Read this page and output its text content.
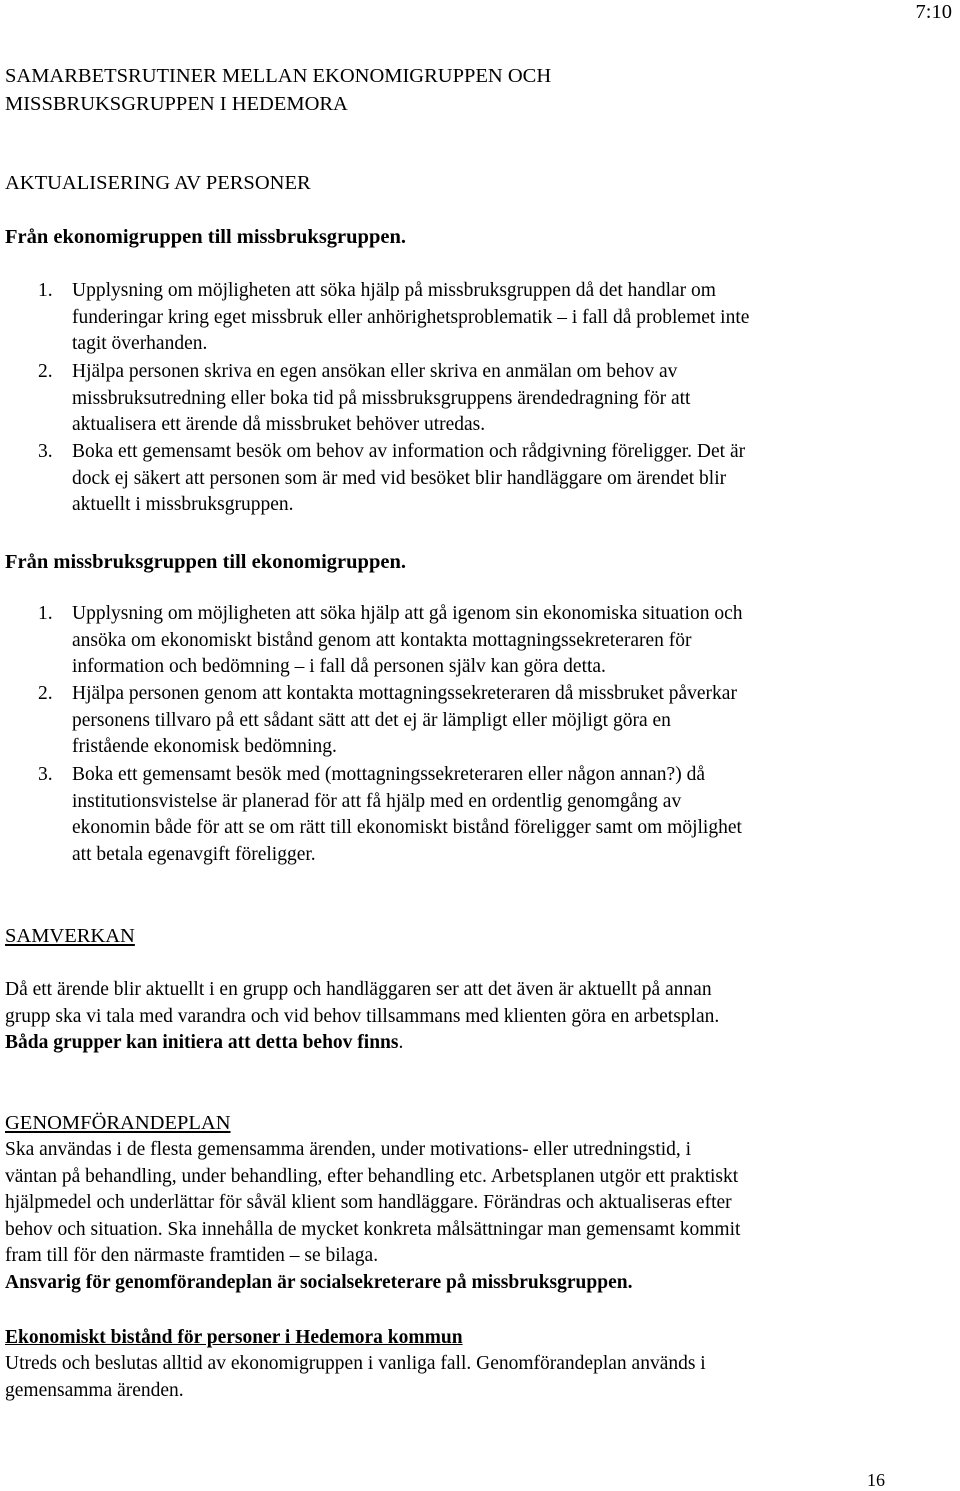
7:10
SAMARBETSRUTINER MELLAN EKONOMIGRUPPEN OCH
MISSBRUKSGRUPPEN I HEDEMORA
AKTUALISERING AV PERSONER
Från ekonomigruppen till missbruksgruppen.
1. Upplysning om möjligheten att söka hjälp på missbruksgruppen då det handlar om
funderingar kring eget missbruk eller anhörighetsproblematik – i fall då problemet inte
tagit överhanden.
2. Hjälpa personen skriva en egen ansökan eller skriva en anmälan om behov av
missbruksutredning eller boka tid på missbruksgruppens ärendedragning för att
aktualisera ett ärende då missbruket behöver utredas.
3. Boka ett gemensamt besök om behov av information och rådgivning föreligger. Det är
dock ej säkert att personen som är med vid besöket blir handläggare om ärendet blir
aktuellt i missbruksgruppen.
Från missbruksgruppen till ekonomigruppen.
1. Upplysning om möjligheten att söka hjälp att gå igenom sin ekonomiska situation och
ansöka om ekonomiskt bistånd genom att kontakta mottagningssekreteraren för
information och bedömning – i fall då personen själv kan göra detta.
2. Hjälpa personen genom att kontakta mottagningssekreteraren då missbruket påverkar
personens tillvaro på ett sådant sätt att det ej är lämpligt eller möjligt göra en
fristående ekonomisk bedömning.
3. Boka ett gemensamt besök med (mottagningssekreteraren eller någon annan?) då
institutionsvistelse är planerad för att få hjälp med en ordentlig genomgång av
ekonomin både för att se om rätt till ekonomiskt bistånd föreligger samt om möjlighet
att betala egenavgift föreligger.
SAMVERKAN
Då ett ärende blir aktuellt i en grupp och handläggaren ser att det även är aktuellt på annan
grupp ska vi tala med varandra och vid behov tillsammans med klienten göra en arbetsplan.
Båda grupper kan initiera att detta behov finns.
GENOMFÖRANDEPLAN
Ska användas i de flesta gemensamma ärenden, under motivations- eller utredningstid, i
väntan på behandling, under behandling, efter behandling etc. Arbetsplanen utgör ett praktiskt
hjälpmedel och underlättar för såväl klient som handläggare. Förändras och aktualiseras efter
behov och situation. Ska innehålla de mycket konkreta målsättningar man gemensamt kommit
fram till för den närmaste framtiden – se bilaga.
Ansvarig för genomförandeplan är socialsekreterare på missbruksgruppen.
Ekonomiskt bistånd för personer i Hedemora kommun
Utreds och beslutas alltid av ekonomigruppen i vanliga fall. Genomförandeplan används i
gemensamma ärenden.
16
